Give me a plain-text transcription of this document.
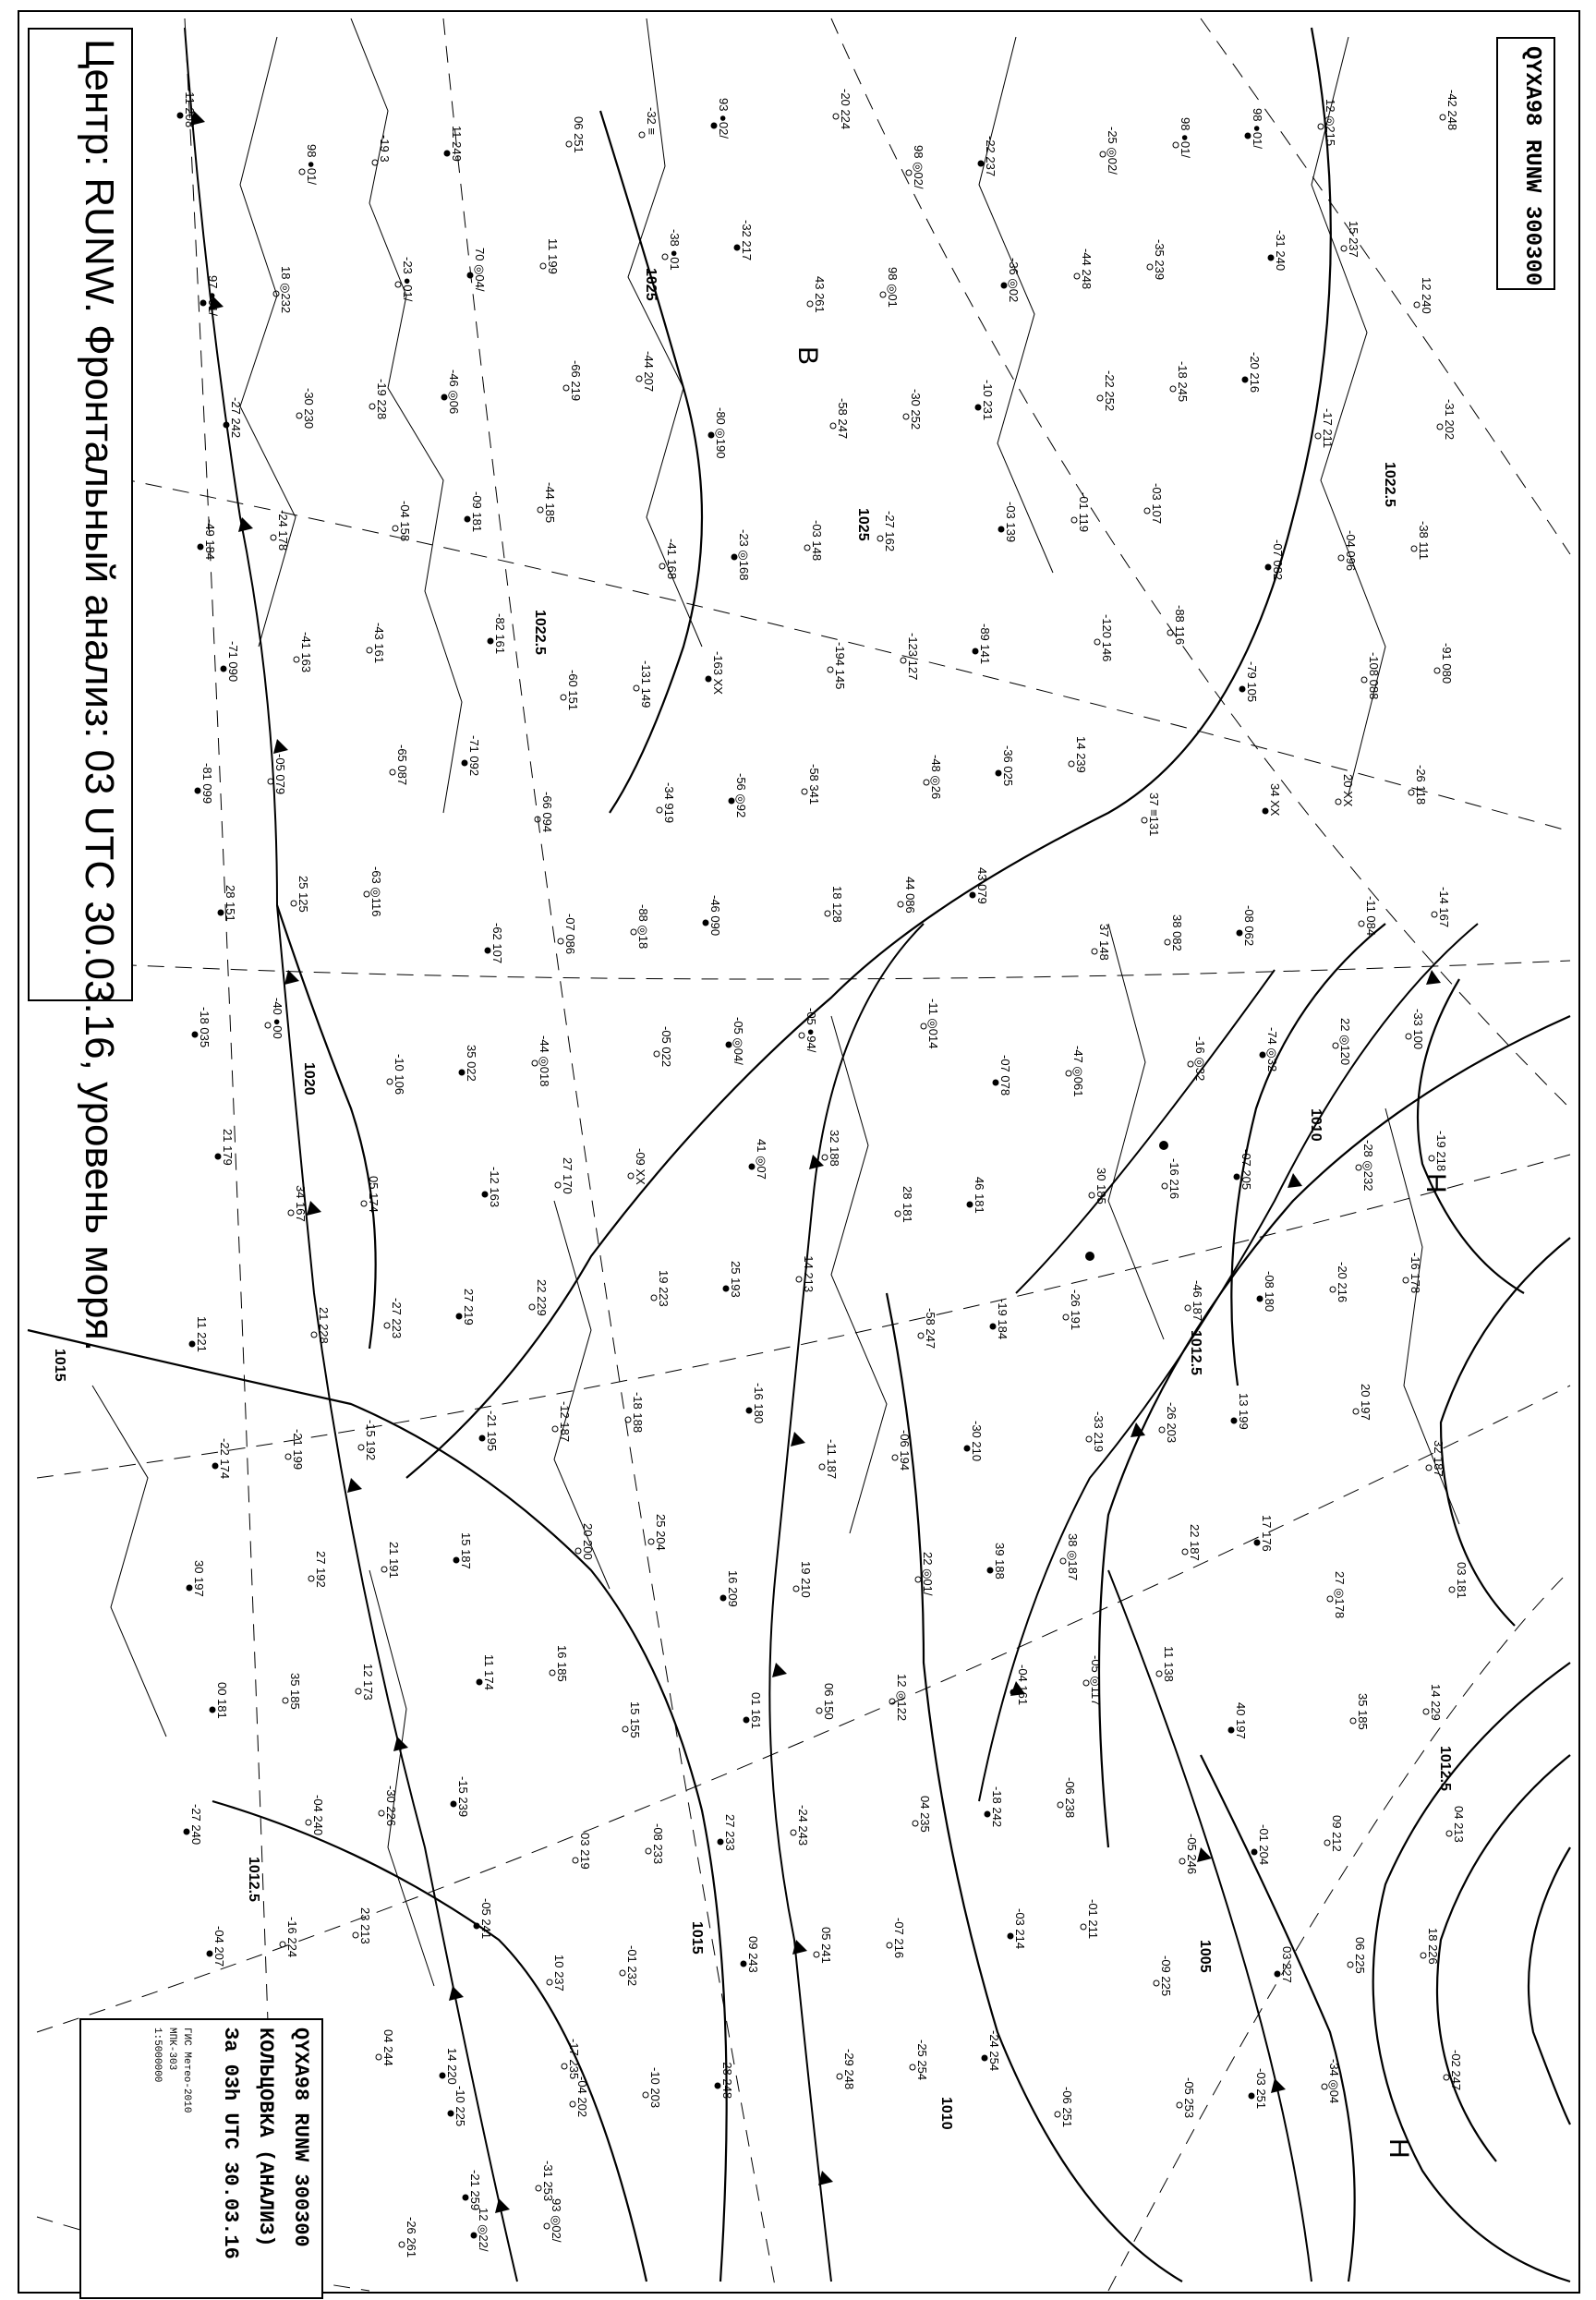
1025
1022.5
1020
1015
1012.5
1010
1005
1022.5
1025
1015
1012.5
1010
1012.5
В
Н
Н
-11 208
98 ●01/	-19 3	11 249	06 251	-32 ≡	93 ●02/	-20 224
98 ◎02/	-22 237	-25 ◎02/	98 ●01/	98 ●01/	12 ◎215	-42 248
97 ●01/	18 ◎232	-23 ●01/	70 ◎04/	11 199	-38 ●01	-32 217
43 261	98 ◎01	-36 ◎02	-44 248	-35 239	-31 240	15 237
12 240
-27 242	-30 230	-19 228	-46 ◎06	-66 219	-44 207
-80 ◎190	-58 247	-30 252	-10 231	-22 252	-18 245	-20 216
-17 211	-31 202
-49 184	-24 178	-04 158	-09 181	-44 185
-41 168	-23 ◎168	-03 148	-27 162	-03 139	-01 119	-03 107
-07 082	-04 096	-38 111
-71 090	-41 163	-43 161	-82 161
-60 151	-131 149	-163 ХХ	-194 145	-123 127	-89 141	-120 146	-88 116
-79 105	-108 088	-91 080
-81 099	-05 079	-65 087	-71 092
-66 094	-34 919	-56 ◎92	-58 341	-48 ◎26	-36 025	14 239
37 ≡131	34 ХХ	20 ХХ	-26 118
28 151	25 125	-63 ◎116
-62 107	-07 086	-88 ◎18	-46 090	18 128	44 086	43 079
37 148	38 082	-08 062	-11 084	-14 167
-18 035	-40 ●00
-10 106	35 022	-44 ◎018	-05 022	-05 ◎04/	-05 ●94/	-11 ◎014
-07 078	-47 ◎061	-16 ◎32	-74 ◎32	22 ◎120	-33 100
21 179
34 167	05 174	-12 163	27 170	-09 ХХ	41 ◎07	32 188
28 181	46 181	30 185	-16 216	-07 205	-28 ◎232	-19 218
11 221	21 228	-27 223	27 219	22 229	19 223	25 193	-14 213
-58 247	-19 184	-26 191	-46 187	-08 180	-20 216	-16 178
-22 174	-21 199	-15 192	-21 195	-12 187	-18 188	-16 180
-11 187	-06 194	-30 210	-33 219	-26 203	13 199	20 197
32 187
30 197	27 192	21 191	15 187	20 200	25 204
16 209	19 210	22 ◎01/	39 188	38 ◎187	22 187	17 176
27 ◎178	03 181
00 181	35 185	12 173	11 174	16 185
15 155	01 161	06 150	12 ◎122	-04 161	-05 ◎117	11 138
40 197	35 185	14 229
-27 240	-04 240	-30 226	-15 239
03 219	-08 233	27 233	-24 243	04 235	-18 242	-06 238
-05 246	-01 204	09 212	04 213
-04 207	-16 224	23 213	-05 241
10 237	-01 232	09 243	05 241	-07 216	-03 214	-01 211
-09 225	03 227	06 225	18 226
14 220	-17 235
04 244
-10 225	-04 202	-10 203	-28 248	-29 248	-25 254	-24 254
-06 251	-05 253	-03 251	-34 ◎04	-02 247
-21 259	-31 253
-26 261	12 ◎22/	93 ◎02/
Центр: RUNW. Фронтальный анализ: 03 UTC 30.03.16, уровень моря.	QYXA98 RUNW 300300
QYXA98 RUNW 300300
КОЛЬЦОВКА (АНАЛИЗ)
За 03h UTC 30.03.16
ГИС Метео-2010
МПК-303
1:5000000
